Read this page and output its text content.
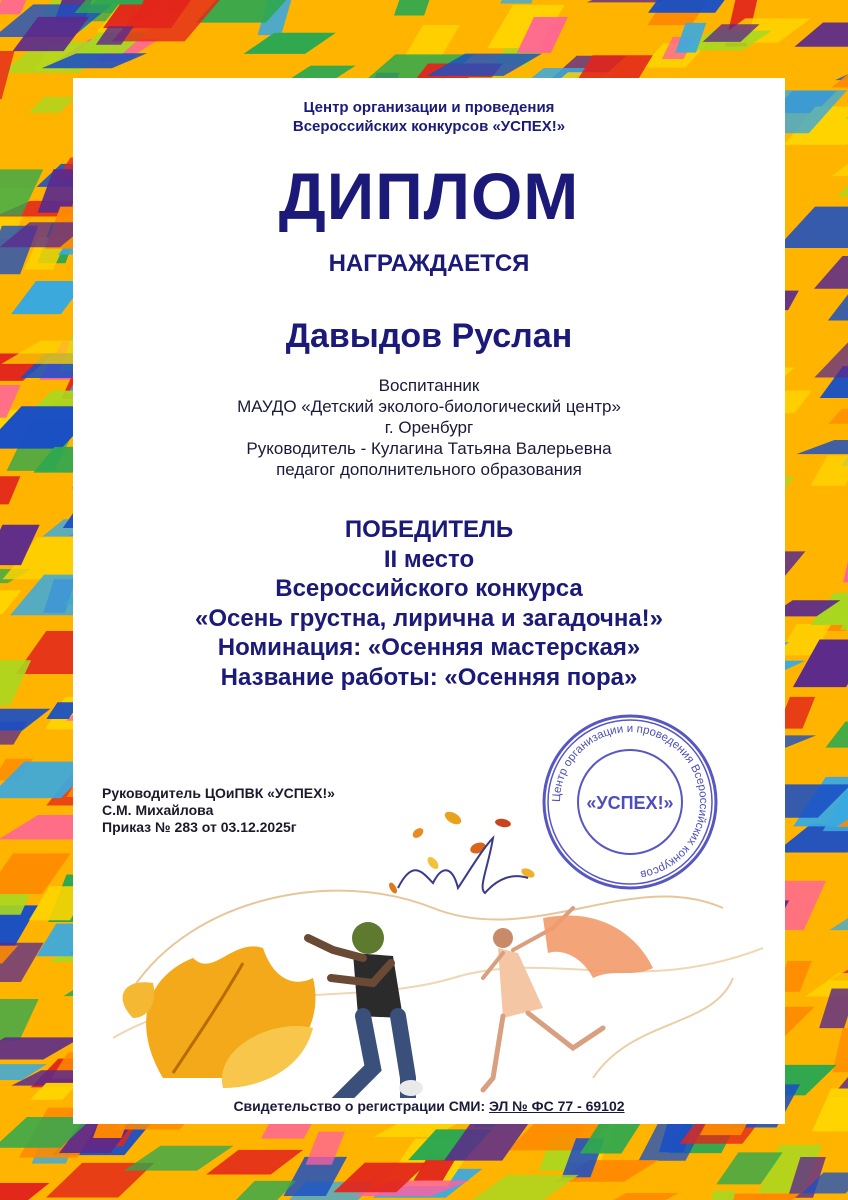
Центр организации и проведения
Всероссийских конкурсов «УСПЕХ!»
ДИПЛОМ
НАГРАЖДАЕТСЯ
Давыдов Руслан
Воспитанник
МАУДО «Детский эколого-биологический центр»
г. Оренбург
Руководитель - Кулагина Татьяна Валерьевна
педагог дополнительного образования
ПОБЕДИТЕЛЬ
II место
Всероссийского конкурса
«Осень грустна, лирична и загадочна!»
Номинация: «Осенняя мастерская»
Название работы: «Осенняя пора»
Центр организации и проведения Всероссийских конкурсов
«УСПЕХ!»
Руководитель ЦОиПВК «УСПЕХ!»
С.М. Михайлова
Приказ № 283 от 03.12.2025г
Свидетельство о регистрации СМИ: ЭЛ № ФС 77 - 69102
